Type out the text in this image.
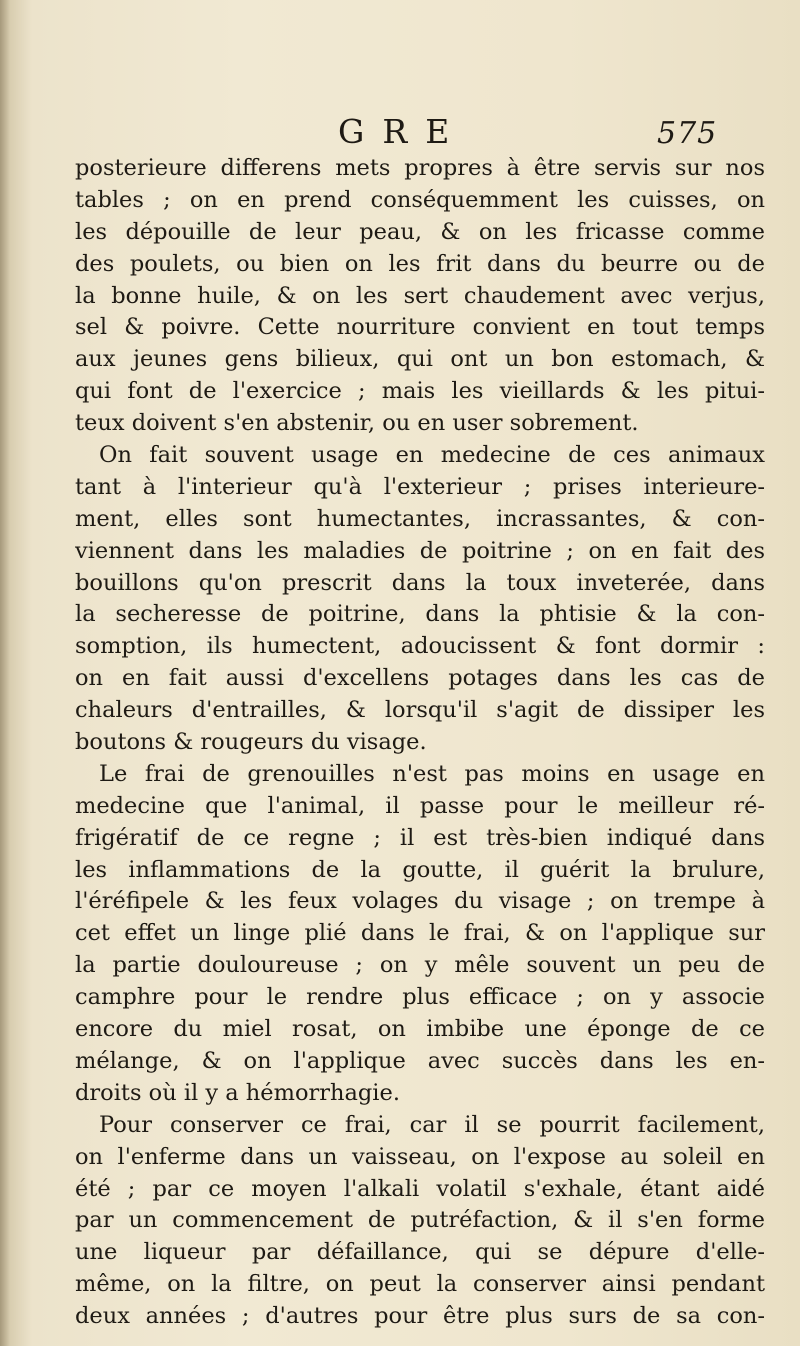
GRE	575
posterieure differens mets propres à être servis sur nos
tables ; on en prend conséquemment les cuisses, on
les dépouille de leur peau, & on les fricasse comme
des poulets, ou bien on les frit dans du beurre ou de
la bonne huile, & on les sert chaudement avec verjus,
sel & poivre. Cette nourriture convient en tout temps
aux jeunes gens bilieux, qui ont un bon estomach, &
qui font de l'exercice ; mais les vieillards & les pitui-
teux doivent s'en abstenir, ou en user sobrement.
On fait souvent usage en medecine de ces animaux
tant à l'interieur qu'à l'exterieur ; prises interieure-
ment, elles sont humectantes, incrassantes, & con-
viennent dans les maladies de poitrine ; on en fait des
bouillons qu'on prescrit dans la toux inveterée, dans
la secheresse de poitrine, dans la phtisie & la con-
somption, ils humectent, adoucissent & font dormir :
on en fait aussi d'excellens potages dans les cas de
chaleurs d'entrailles, & lorsqu'il s'agit de dissiper les
boutons & rougeurs du visage.
Le frai de grenouilles n'est pas moins en usage en
medecine que l'animal, il passe pour le meilleur ré-
frigératif de ce regne ; il est très-bien indiqué dans
les inflammations de la goutte, il guérit la brulure,
l'éréfipele & les feux volages du visage ; on trempe à
cet effet un linge plié dans le frai, & on l'applique sur
la partie douloureuse ; on y mêle souvent un peu de
camphre pour le rendre plus efficace ; on y associe
encore du miel rosat, on imbibe une éponge de ce
mélange, & on l'applique avec succès dans les en-
droits où il y a hémorrhagie.
Pour conserver ce frai, car il se pourrit facilement,
on l'enferme dans un vaisseau, on l'expose au soleil en
été ; par ce moyen l'alkali volatil s'exhale, étant aidé
par un commencement de putréfaction, & il s'en forme
une liqueur par défaillance, qui se dépure d'elle-
même, on la filtre, on peut la conserver ainsi pendant
deux années ; d'autres pour être plus surs de sa con-
